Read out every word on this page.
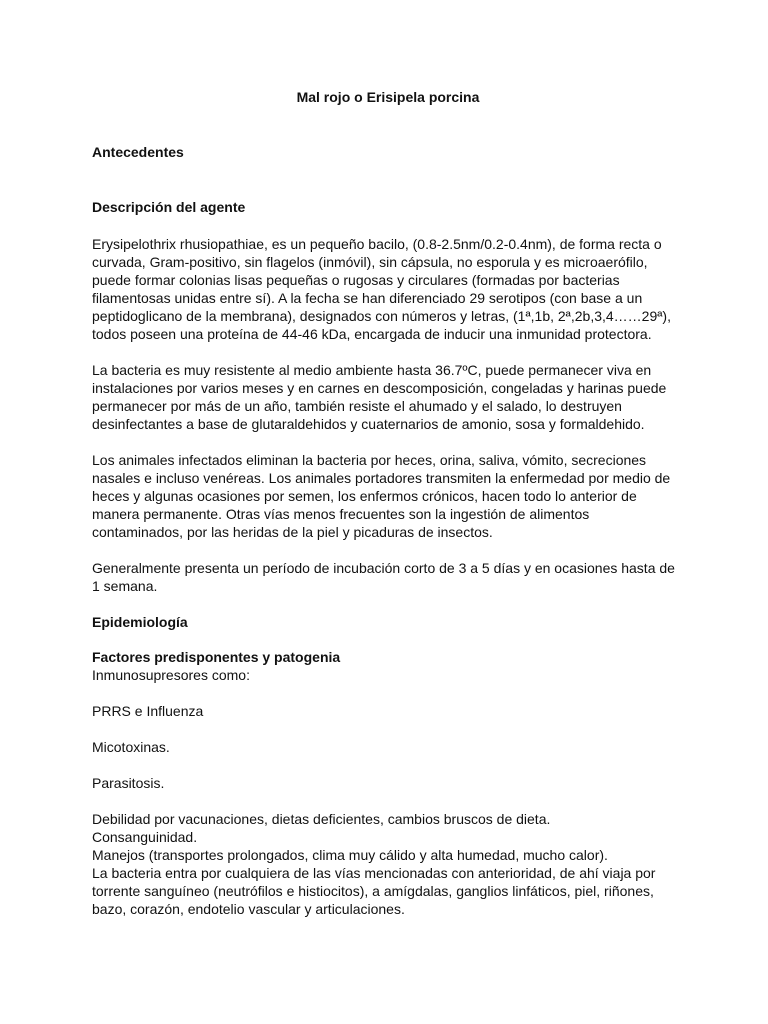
Mal rojo o Erisipela porcina

Antecedentes

Descripción del agente

Erysipelothrix rhusiopathiae, es un pequeño bacilo, (0.8-2.5nm/0.2-0.4nm), de forma recta o curvada, Gram-positivo, sin flagelos (inmóvil), sin cápsula, no esporula y es microaerófilo, puede formar colonias lisas pequeñas o rugosas y circulares (formadas por bacterias filamentosas unidas entre sí). A la fecha se han diferenciado 29 serotipos (con base a un peptidoglicano de la membrana), designados con números y letras, (1ª,1b, 2ª,2b,3,4……29ª), todos poseen una proteína de 44-46 kDa, encargada de inducir una inmunidad protectora.

La bacteria es muy resistente al medio ambiente hasta 36.7ºC, puede permanecer viva en instalaciones por varios meses y en carnes en descomposición, congeladas y harinas puede permanecer por más de un año, también resiste el ahumado y el salado, lo destruyen desinfectantes a base de glutaraldehidos y cuaternarios de amonio, sosa y formaldehido.

Los animales infectados eliminan la bacteria por heces, orina, saliva, vómito, secreciones nasales e incluso venéreas. Los animales portadores transmiten la enfermedad por medio de heces y algunas ocasiones por semen, los enfermos crónicos, hacen todo lo anterior de manera permanente. Otras vías menos frecuentes son la ingestión de alimentos contaminados, por las heridas de la piel y picaduras de insectos.

Generalmente presenta un período de incubación corto de 3 a 5 días y en ocasiones hasta de 1 semana.

Epidemiología

Factores predisponentes y patogenia

Inmunosupresores como:

PRRS e Influenza

Micotoxinas.

Parasitosis.

Debilidad por vacunaciones, dietas deficientes, cambios bruscos de dieta.

Consanguinidad.

Manejos (transportes prolongados, clima muy cálido y alta humedad, mucho calor).

La bacteria entra por cualquiera de las vías mencionadas con anterioridad, de ahí viaja por torrente sanguíneo (neutrófilos e histiocitos), a amígdalas, ganglios linfáticos, piel, riñones, bazo, corazón, endotelio vascular y articulaciones.
